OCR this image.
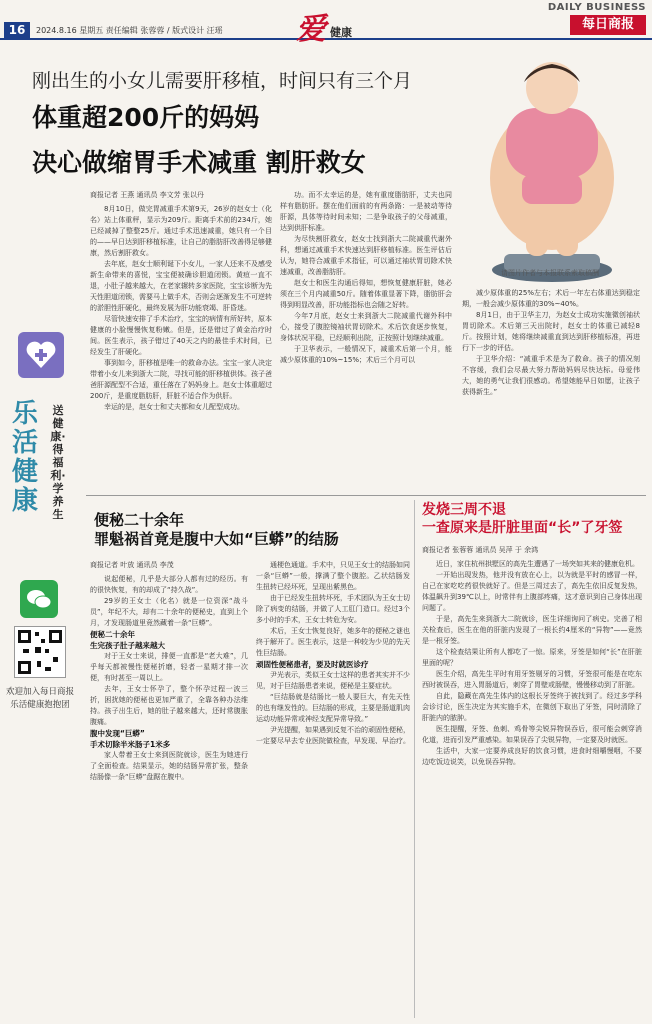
16	2024.8.16 星期五 责任编辑 张蓉蓉 / 版式设计 汪瑶 爱 健康
DAILY BUSINESS
每日商报
刚出生的小女儿需要肝移植，时间只有三个月
体重超200斤的妈妈
决心做缩胃手术减重 割肝救女
请图片作者与本报联系索取稿酬

商报记者 王燕 通讯员 李文芳 张以丹

8月10日，做完胃减重手术第9天，26岁的赵女士（化名）站上体重秤，显示为209斤。距离手术前的234斤，她已经减掉了整整25斤。通过手术迅速减重，她只有一个目的——早日达到肝移植标准，让自己的脂肪肝改善得足够健康，然后割肝救女。

去年底，赵女士顺利诞下小女儿，一家人还来不及感受新生命带来的喜悦，宝宝便被确诊胆道闭锁。黄疸一直不退，小肚子越来越大，在老家辗转多家医院，宝宝诊断为先天性胆道闭锁，需要马上做手术，否则会逐渐发生不可逆转的淤胆性肝硬化，最终发展为肝功能衰竭、肝昏迷。

尽管快速安排了手术治疗，宝宝的病情有所好转，原本健康的小脸慢慢恢复粉嫩。但是，还是错过了黄金治疗时间。医生表示，孩子错过了40天之内的最佳手术时间，已经发生了肝硬化。

事到如今，肝移植是唯一的救命办法。宝宝一家人决定带着小女儿来到浙大二院，寻找可能的肝移植供体。孩子爸爸肝源配型不合适，重任落在了妈妈身上。赵女士体重超过200斤，是重度脂肪肝，肝脏不适合作为供肝。

幸运的是，赵女士和丈夫都和女儿配型成功。

功。而不太幸运的是，她有重度脂肪肝，丈夫也同样有脂肪肝。摆在他们面前的有两条路：一是被动等待肝源，具体等待时间未知；二是争取孩子的父母减重，达到供肝标准。

为尽快割肝救女，赵女士找到浙大二院减重代谢外科，想通过减重手术快速达到肝移植标准。医生评估后认为，她符合减重手术指征，可以通过袖状胃切除术快速减重，改善脂肪肝。

赵女士和医生沟通后得知，想恢复健康肝脏，她必须在三个月内减重50斤。随着体重显著下降，脂肪肝会得到明显改善，肝功能指标也会随之好转。

今年7月底，赵女士来到浙大二院减重代谢外科中心，接受了腹腔镜袖状胃切除术。术后饮食逐步恢复，身体状况平稳，已经顺利出院，正按照计划继续减重。

于卫华表示，一般情况下，减重术后第一个月，能减少原体重的10%~15%；术后三个月可以

减少原体重的25%左右；术后一年左右体重达到稳定期，一般会减少原体重的30%~40%。

8月1日，由于卫华主刀，为赵女士成功实施微创袖状胃切除术。术后第三天出院时，赵女士的体重已减轻8斤。按照计划，她将继续减重直到达到肝移植标准，再进行下一步的评估。

于卫华介绍：“减重手术是为了救命。孩子的情况刻不容缓，我们会尽最大努力帮助妈妈尽快达标。母爱伟大，她的勇气让我们很感动。希望她能早日如愿，让孩子获得新生。”

乐活健康
送健康·得福利·学养生
欢迎加入每日商报乐活健康抱抱团
便秘二十余年
罪魁祸首竟是腹中大如“巨蟒”的结肠

商报记者 叶放 通讯员 李茂

说起便秘，几乎是大部分人都有过的经历。有的很快恢复，有的却成了“持久战”。

29岁的王女士（化名）就是一位资深“战斗员”，年纪不大，却有二十余年的便秘史，直到上个月，才发现肠道里竟然藏着一条“巨蟒”。

便秘二十余年

生完孩子肚子越来越大

对于王女士来说，排便一直都是“老大难”，几乎每天都被慢性便秘折磨，轻者一星期才排一次便，有时甚至一周以上。

去年，王女士怀孕了，整个怀孕过程一波三折，困扰她的便秘也更加严重了，全靠各种办法维持。孩子出生后，她的肚子越来越大，还时常腹胀腹痛。

腹中发现“巨蟒”

手术切除半米肠子1米多

家人带着王女士来到医院就诊，医生为她进行了全面检查。结果显示，她的结肠异常扩张，整条结肠像一条“巨蟒”盘踞在腹中。

通梗色通道。手术中，只见王女士的结肠如同一条“巨蟒”一般，撑满了整个腹腔。乙状结肠发生扭转已经坏死，呈现出紫黑色。

由于已经发生扭转坏死，手术团队为王女士切除了病变的结肠，并做了人工肛门造口。经过3个多小时的手术，王女士转危为安。

术后，王女士恢复良好，她多年的便秘之谜也终于解开了。医生表示，这是一种较为少见的先天性巨结肠。

顽固性便秘患者，要及时就医诊疗

尹光表示，类似王女士这样的患者其实并不少见，对于巨结肠患者来说，便秘是主要症状。

“巨结肠就是结肠比一般人要巨大，有先天性的也有继发性的。巨结肠的形成，主要是肠道肌肉运动功能异常或神经支配异常导致。”

尹光提醒，如果遇到反复不治的顽固性便秘，一定要尽早去专业医院做检查，早发现、早治疗。

发烧三周不退
一查原来是肝脏里面“长”了牙签

商报记者 张蓉蓉 通讯员 吴萍 于 余鸿

近日，家住杭州拱墅区的高先生遭遇了一场突如其来的健康危机。

一开始出现发热，他并没有放在心上，以为就是平时的感冒一样，自己在家吃吃药很快就好了。但是三周过去了，高先生依旧反复发热，体温飙升到39℃以上，时常伴有上腹部疼痛，这才意识到自己身体出现问题了。

于是，高先生来到浙大二院就诊，医生详细询问了病史。完善了相关检查后，医生在他的肝脏内发现了一根长约4厘米的“异物”——竟然是一根牙签。

这个检查结果让所有人都吃了一惊。原来，牙签是如何“长”在肝脏里面的呢？

医生介绍，高先生平时有用牙签剔牙的习惯，牙签很可能是在吃东西时被误吞，进入胃肠道后，刺穿了胃壁或肠壁，慢慢移动到了肝脏。

自此，隐藏在高先生体内的这根长牙签终于被找到了。经过多学科会诊讨论，医生决定为其实施手术，在微创下取出了牙签，同时清除了肝脏内的脓肿。

医生提醒，牙签、鱼刺、鸡骨等尖锐异物误吞后，很可能会刺穿消化道，进而引发严重感染。如果误吞了尖锐异物，一定要及时就医。

生活中，大家一定要养成良好的饮食习惯，进食时细嚼慢咽，不要边吃饭边说笑，以免误吞异物。
